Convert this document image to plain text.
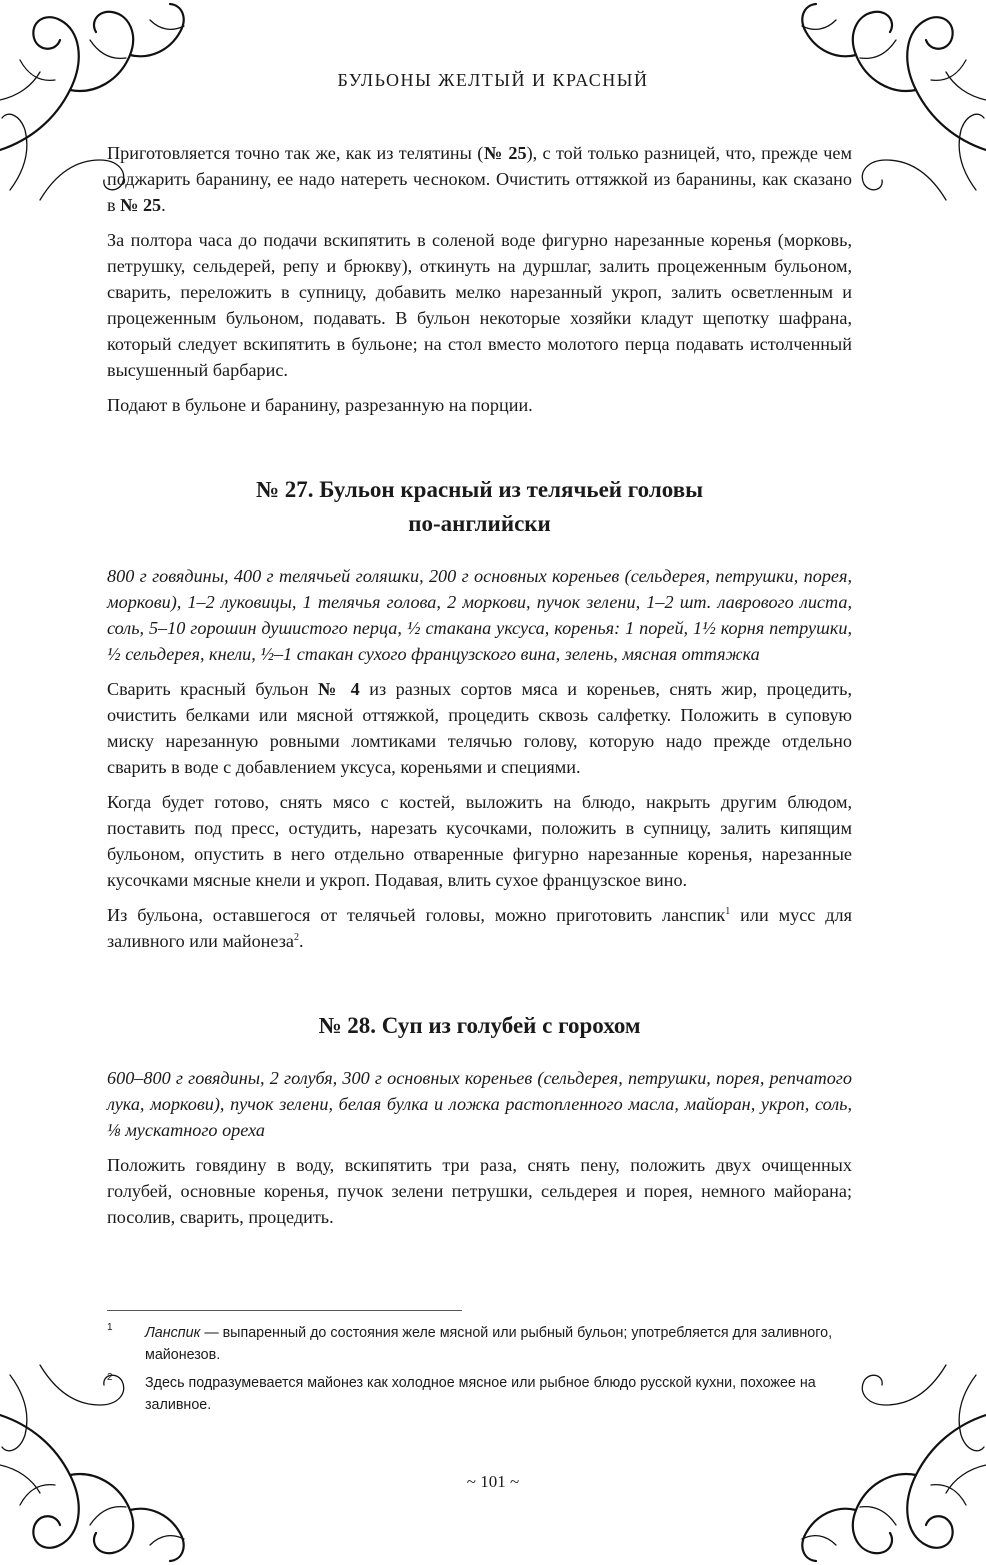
БУЛЬОНЫ ЖЕЛТЫЙ И КРАСНЫЙ

Приготовляется точно так же, как из телятины (№ 25), с той только разницей, что, прежде чем поджарить баранину, ее надо натереть чесноком. Очистить оттяжкой из баранины, как сказано в № 25.

За полтора часа до подачи вскипятить в соленой воде фигурно нарезанные коренья (морковь, петрушку, сельдерей, репу и брюкву), откинуть на дуршлаг, залить процеженным бульоном, сварить, переложить в супницу, добавить мелко нарезанный укроп, залить осветленным и процеженным бульоном, подавать. В бульон некоторые хозяйки кладут щепотку шафрана, который следует вскипятить в бульоне; на стол вместо молотого перца подавать истолченный высушенный барбарис.

Подают в бульоне и баранину, разрезанную на порции.

№ 27. Бульон красный из телячьей головы
по-английски

800 г говядины, 400 г телячьей голяшки, 200 г основных кореньев (сельдерея, петрушки, порея, моркови), 1–2 луковицы, 1 телячья голова, 2 моркови, пучок зелени, 1–2 шт. лаврового листа, соль, 5–10 горошин душистого перца, ½ стакана уксуса, коренья: 1 порей, 1½ корня петрушки, ½ сельдерея, кнели, ½–1 стакан сухого французского вина, зелень, мясная оттяжка

Сварить красный бульон № 4 из разных сортов мяса и кореньев, снять жир, процедить, очистить белками или мясной оттяжкой, процедить сквозь салфетку. Положить в суповую миску нарезанную ровными ломтиками телячью голову, которую надо прежде отдельно сварить в воде с добавлением уксуса, кореньями и специями.

Когда будет готово, снять мясо с костей, выложить на блюдо, накрыть другим блюдом, поставить под пресс, остудить, нарезать кусочками, положить в супницу, залить кипящим бульоном, опустить в него отдельно отваренные фигурно нарезанные коренья, нарезанные кусочками мясные кнели и укроп. Подавая, влить сухое французское вино.

Из бульона, оставшегося от телячьей головы, можно приготовить ланспик$^1$ или мусс для заливного или майонеза$^2$.

№ 28. Суп из голубей с горохом

600–800 г говядины, 2 голубя, 300 г основных кореньев (сельдерея, петрушки, порея, репчатого лука, моркови), пучок зелени, белая булка и ложка растопленного масла, майоран, укроп, соль, ⅛ мускатного ореха

Положить говядину в воду, вскипятить три раза, снять пену, положить двух очищенных голубей, основные коренья, пучок зелени петрушки, сельдерея и порея, немного майорана; посолив, сварить, процедить.

1	Ланспик — выпаренный до состояния желе мясной или рыбный бульон; употребляется для заливного, майонезов.
2	Здесь подразумевается майонез как холодное мясное или рыбное блюдо русской кухни, похожее на заливное.
~ 101 ~
